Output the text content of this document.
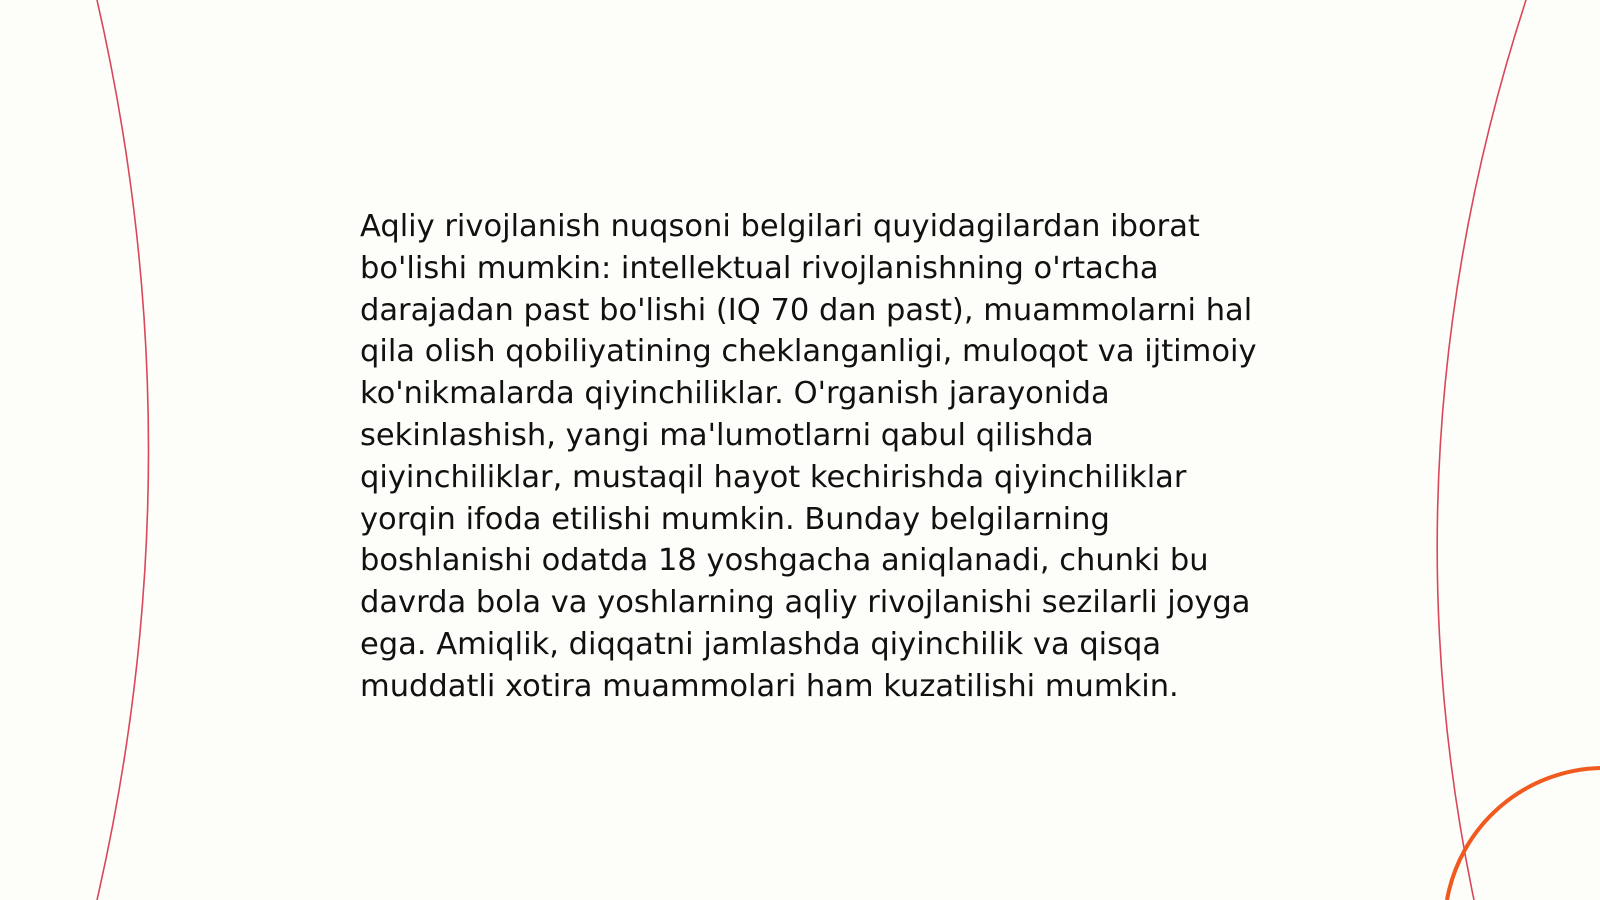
Aqliy rivojlanish nuqsoni belgilari quyidagilardan iborat bo'lishi mumkin: intellektual rivojlanishning o'rtacha darajadan past bo'lishi (IQ 70 dan past), muammolarni hal qila olish qobiliyatining cheklanganligi, muloqot va ijtimoiy ko'nikmalarda qiyinchiliklar. O'rganish jarayonida sekinlashish, yangi ma'lumotlarni qabul qilishda qiyinchiliklar, mustaqil hayot kechirishda qiyinchiliklar yorqin ifoda etilishi mumkin. Bunday belgilarning boshlanishi odatda 18 yoshgacha aniqlanadi, chunki bu davrda bola va yoshlarning aqliy rivojlanishi sezilarli joyga ega. Amiqlik, diqqatni jamlashda qiyinchilik va qisqa muddatli xotira muammolari ham kuzatilishi mumkin.
